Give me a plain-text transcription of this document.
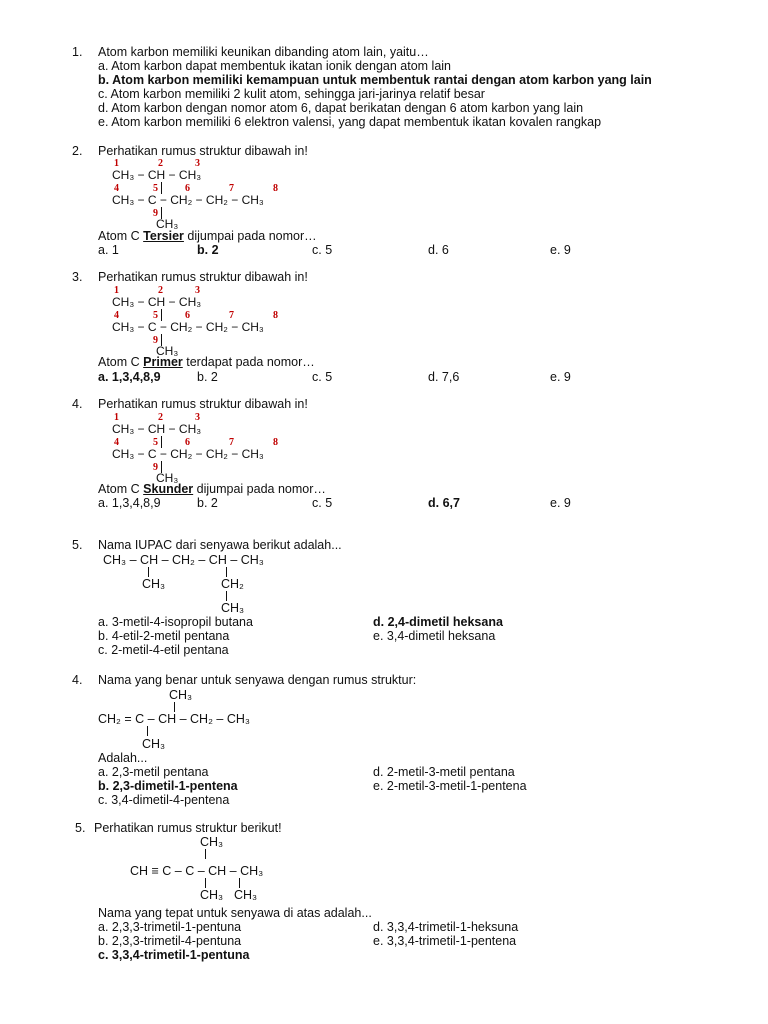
1. Atom karbon memiliki keunikan dibanding atom lain, yaitu…
a. Atom karbon dapat membentuk ikatan ionik dengan atom lain
b. Atom karbon memiliki kemampuan untuk membentuk rantai dengan atom karbon yang lain
c. Atom karbon memiliki 2 kulit atom, sehingga jari-jarinya relatif besar
d. Atom karbon dengan nomor atom 6, dapat berikatan dengan 6 atom karbon yang lain
e. Atom karbon memiliki 6 elektron valensi, yang dapat membentuk ikatan kovalen rangkap
2. Perhatikan rumus struktur dibawah in!
1	2	3
CH₃ − CH − CH₃
4	5	6	7	8
CH₃ − C − CH₂ − CH₂ − CH₃
9
CH₃
Atom C Tersier dijumpai pada nomor…
a. 1	b. 2	c. 5	d. 6	e. 9
3. Perhatikan rumus struktur dibawah in!
1	2	3
CH₃ − CH − CH₃
4	5	6	7	8
CH₃ − C − CH₂ − CH₂ − CH₃
9
CH₃
Atom C Primer terdapat pada nomor…
a. 1,3,4,8,9	b. 2	c. 5	d. 7,6	e. 9
4. Perhatikan rumus struktur dibawah in!
1	2	3
CH₃ − CH − CH₃
4	5	6	7	8
CH₃ − C − CH₂ − CH₂ − CH₃
9
CH₃
Atom C Skunder dijumpai pada nomor…
a. 1,3,4,8,9	b. 2	c. 5	d. 6,7	e. 9
5. Nama IUPAC dari senyawa berikut adalah...
CH₃ – CH – CH₂ – CH – CH₃
CH₃	CH₂
CH₃
a. 3-metil-4-isopropil butana
b. 4-etil-2-metil pentana
c. 2-metil-4-etil pentana
d. 2,4-dimetil heksana
e. 3,4-dimetil heksana
4. Nama yang benar untuk senyawa dengan rumus struktur:
CH₃
CH₂ = C – CH – CH₂ – CH₃
CH₃
Adalah...
a. 2,3-metil pentana
b. 2,3-dimetil-1-pentena
c. 3,4-dimetil-4-pentena
d. 2-metil-3-metil pentana
e. 2-metil-3-metil-1-pentena
5. Perhatikan rumus struktur berikut!
CH₃
CH ≡ C – C – CH – CH₃
CH₃ CH₃
Nama yang tepat untuk senyawa di atas adalah...
a. 2,3,3-trimetil-1-pentuna
b. 2,3,3-trimetil-4-pentuna
c. 3,3,4-trimetil-1-pentuna
d. 3,3,4-trimetil-1-heksuna
e. 3,3,4-trimetil-1-pentena
